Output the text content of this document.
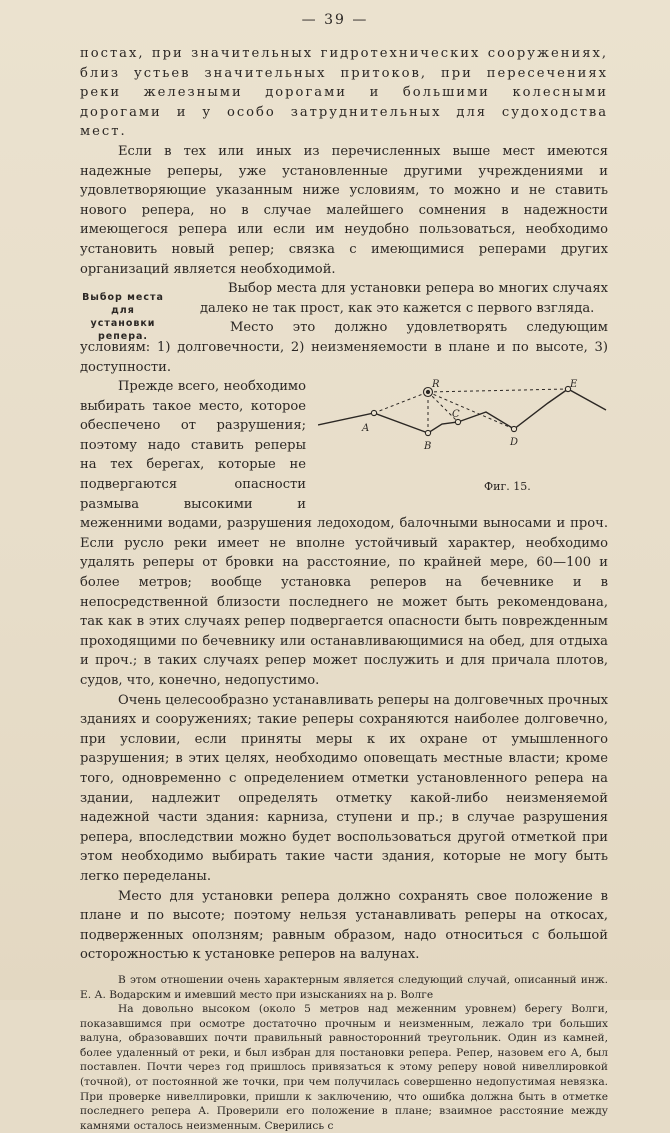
— 39 —

постах, при значительных гидротехнических сооружениях, близ устьев значительных притоков, при пересечениях реки железными дорогами и большими колесными дорогами и у особо затруднительных для судоходства мест.

Если в тех или иных из перечисленных выше мест имеются надежные реперы, уже установленные другими учреждениями и удовлетворяющие указанным ниже условиям, то можно и не ставить нового репера, но в случае малейшего сомнения в надежности имеющегося репера или если им неудобно пользоваться, необходимо установить новый репер; связка с имеющимися реперами других организаций является необходимой.

Выбор места для установки репера.

Выбор места для установки репера во многих случаях далеко не так прост, как это кажется с первого взгляда.

Место это должно удовлетворять следующим условиям: 1) долговечности, 2) неизменяемости в плане и по высоте, 3) доступности.

A
B
C
D
E
R
Фиг. 15.
Прежде всего, необходимо выбирать такое место, которое обеспечено от разрушения; поэтому надо ставить реперы на тех берегах, которые не подвергаются опасности размыва высокими и меженними водами, разрушения ледоходом, балочными выносами и проч. Если русло реки имеет не вполне устойчивый характер, необходимо удалять реперы от бровки на расстояние, по крайней мере, 60—100 и более метров; вообще установка реперов на бечевнике и в непосредственной близости последнего не может быть рекомендована, так как в этих случаях репер подвергается опасности быть поврежденным проходящими по бечевнику или останавливающимися на обед, для отдыха и проч.; в таких случаях репер может послужить и для причала плотов, судов, что, конечно, недопустимо.

Очень целесообразно устанавливать реперы на долговечных прочных зданиях и сооружениях; такие реперы сохраняются наиболее долговечно, при условии, если приняты меры к их охране от умышленного разрушения; в этих целях, необходимо оповещать местные власти; кроме того, одновременно с определением отметки установленного репера на здании, надлежит определять отметку какой-либо неизменяемой надежной части здания: карниза, ступени и пр.; в случае разрушения репера, впоследствии можно будет воспользоваться другой отметкой при этом необходимо выбирать такие части здания, которые не могу быть легко переделаны.

Место для установки репера должно сохранять свое положение в плане и по высоте; поэтому нельзя устанавливать реперы на откосах, подверженных оползням; равным образом, надо относиться с большой осторожностью к установке реперов на валунах.

В этом отношении очень характерным является следующий случай, описанный инж. Е. А. Водарским и имевший место при изысканиях на р. Волге

На довольно высоком (около 5 метров над меженним уровнем) берегу Волги, показавшимся при осмотре достаточно прочным и неизменным, лежало три больших валуна, образовавших почти правильный равносторонний треугольник. Один из камней, более удаленный от реки, и был избран для постановки репера. Репер, назовем его А, был поставлен. Почти через год пришлось привязаться к этому реперу новой нивеллировкой (точной), от постоянной же точки, при чем получилась совершенно недопустимая невязка. При проверке нивеллировки, пришли к заключению, что ошибка должна быть в отметке последнего репера А. Проверили его положение в плане; взаимное расстояние между камнями осталось неизменным. Сверились с
